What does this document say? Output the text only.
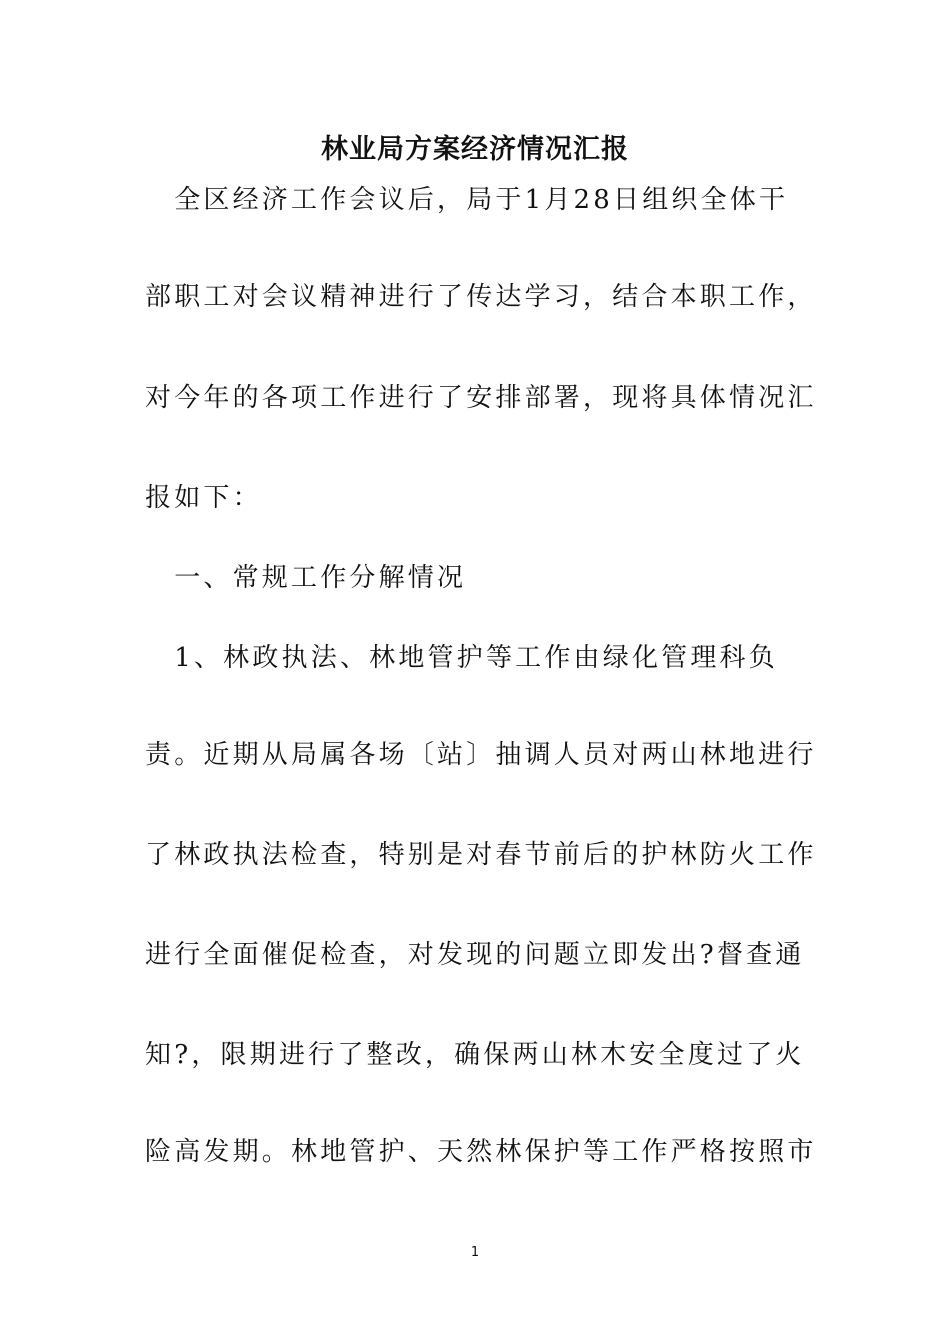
林业局方案经济情况汇报
　全区经济工作会议后，局于1月28日组织全体干
部职工对会议精神进行了传达学习，结合本职工作，
对今年的各项工作进行了安排部署，现将具体情况汇
报如下：
　一、常规工作分解情况
　1、林政执法、林地管护等工作由绿化管理科负
责。近期从局属各场〔站〕抽调人员对两山林地进行
了林政执法检查，特别是对春节前后的护林防火工作
进行全面催促检查，对发现的问题立即发出?督查通
知?，限期进行了整改，确保两山林木安全度过了火
险高发期。林地管护、天然林保护等工作严格按照市
1
